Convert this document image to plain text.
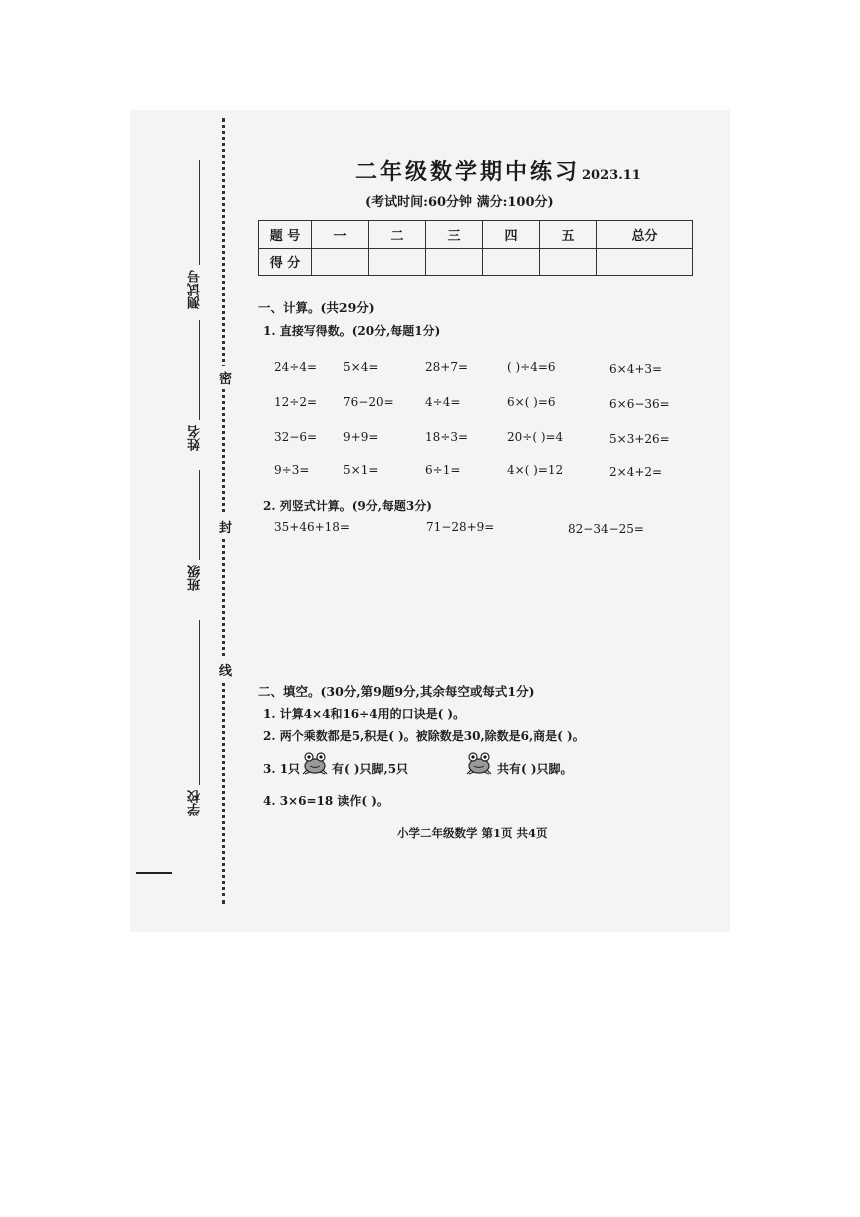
测试号
姓名
班级
学校
密
封
线
二年级数学期中练习 2023.11
(考试时间:60分钟 满分:100分)
题 号	一	二	三	四	五	总分
得 分						
一、计算。(共29分)
1. 直接写得数。(20分,每题1分)
24÷4= 5×4=	28+7=	( )÷4=6	6×4+3=
12÷2= 76−20=	4÷4=	6×( )=6	6×6−36=
32−6= 9+9=	18÷3=	20÷( )=4	5×3+26=
9÷3=	5×1=	6÷1=	4×( )=12	2×4+2=
2. 列竖式计算。(9分,每题3分)
35+46+18=	71−28+9=	82−34−25=
二、填空。(30分,第9题9分,其余每空或每式1分)
1. 计算4×4和16÷4用的口诀是( )。
2. 两个乘数都是5,积是( )。被除数是30,除数是6,商是( )。
3. 1只	有( )只脚,5只	共有( )只脚。
4. 3×6=18 读作( )。
小学二年级数学 第1页 共4页
